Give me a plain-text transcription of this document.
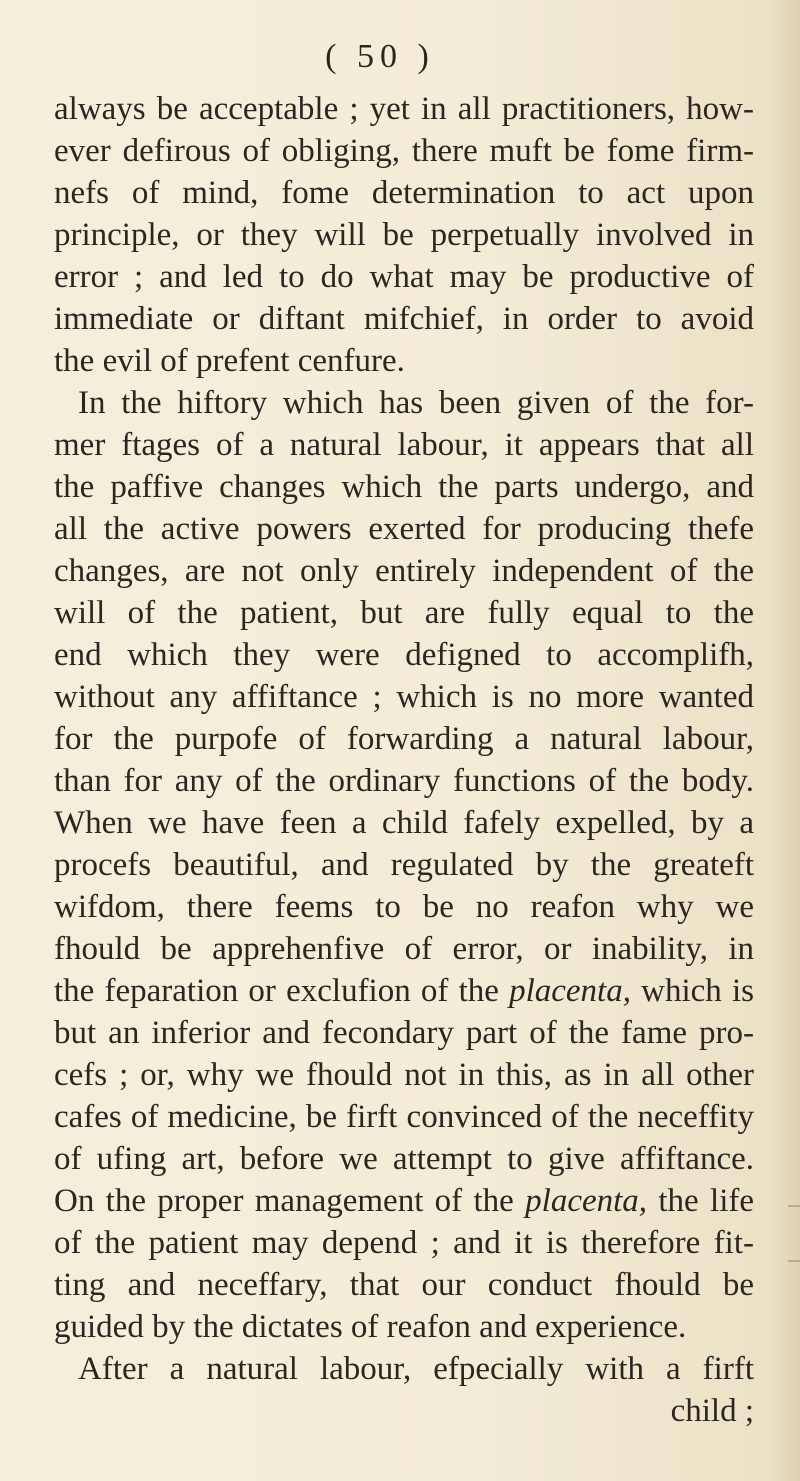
( 50 )
always be acceptable ; yet in all practitioners, how-
ever defirous of obliging, there muft be fome firm-
nefs of mind, fome determination to act upon
principle, or they will be perpetually involved in
error ; and led to do what may be productive of
immediate or diftant mifchief, in order to avoid
the evil of prefent cenfure.
In the hiftory which has been given of the for-
mer ftages of a natural labour, it appears that all
the paffive changes which the parts undergo, and
all the active powers exerted for producing thefe
changes, are not only entirely independent of the
will of the patient, but are fully equal to the
end which they were defigned to accomplifh,
without any affiftance ; which is no more wanted
for the purpofe of forwarding a natural labour,
than for any of the ordinary functions of the body.
When we have feen a child fafely expelled, by a
procefs beautiful, and regulated by the greateft
wifdom, there feems to be no reafon why we
fhould be apprehenfive of error, or inability, in
the feparation or exclufion of the placenta, which is
but an inferior and fecondary part of the fame pro-
cefs ; or, why we fhould not in this, as in all other
cafes of medicine, be firft convinced of the neceffity
of ufing art, before we attempt to give affiftance.
On the proper management of the placenta, the life
of the patient may depend ; and it is therefore fit-
ting and neceffary, that our conduct fhould be
guided by the dictates of reafon and experience.
After a natural labour, efpecially with a firft
child ;
